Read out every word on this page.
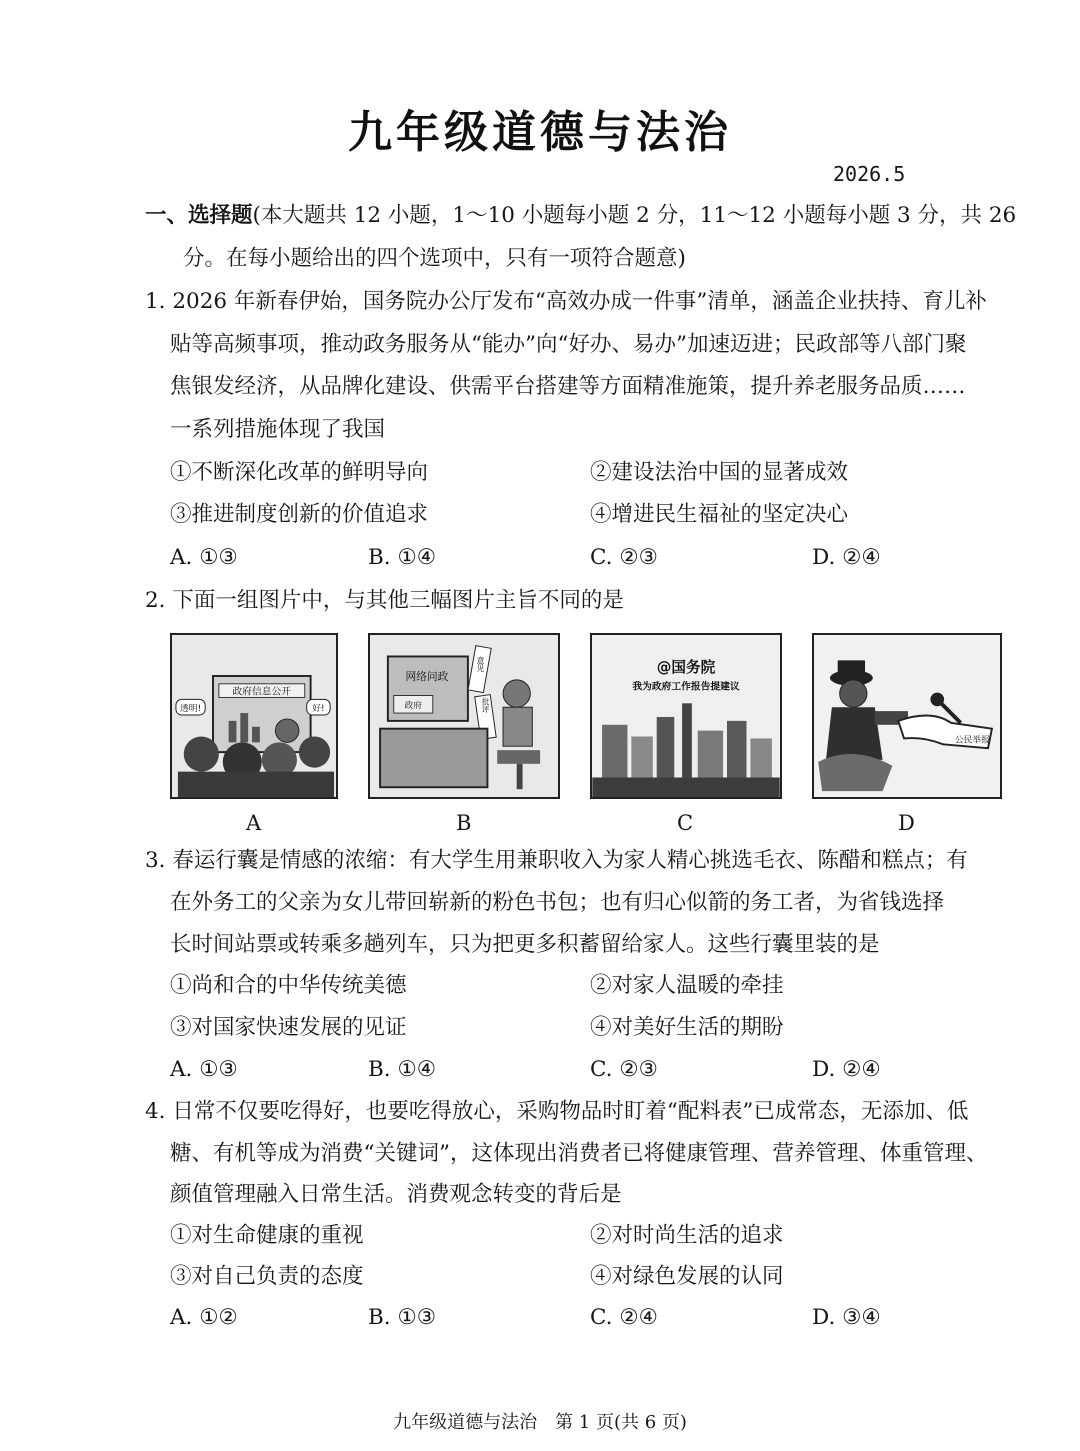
九年级道德与法治
2026.5
一、选择题(本大题共 12 小题，1～10 小题每小题 2 分，11～12 小题每小题 3 分，共 26
分。在每小题给出的四个选项中，只有一项符合题意)
1. 2026 年新春伊始，国务院办公厅发布“高效办成一件事”清单，涵盖企业扶持、育儿补
贴等高频事项，推动政务服务从“能办”向“好办、易办”加速迈进；民政部等八部门聚
焦银发经济，从品牌化建设、供需平台搭建等方面精准施策，提升养老服务品质……
一系列措施体现了我国
①不断深化改革的鲜明导向	②建设法治中国的显著成效
③推进制度创新的价值追求	④增进民生福祉的坚定决心
A. ①③	B. ①④	C. ②③	D. ②④
2. 下面一组图片中，与其他三幅图片主旨不同的是
政府信息公开
透明!	好!
A
网络问政
政府
意见
批评
B
@国务院
我为政府工作报告提建议
C
公民举报
D
3. 春运行囊是情感的浓缩：有大学生用兼职收入为家人精心挑选毛衣、陈醋和糕点；有
在外务工的父亲为女儿带回崭新的粉色书包；也有归心似箭的务工者，为省钱选择
长时间站票或转乘多趟列车，只为把更多积蓄留给家人。这些行囊里装的是
①尚和合的中华传统美德	②对家人温暖的牵挂
③对国家快速发展的见证	④对美好生活的期盼
A. ①③	B. ①④	C. ②③	D. ②④
4. 日常不仅要吃得好，也要吃得放心，采购物品时盯着“配料表”已成常态，无添加、低
糖、有机等成为消费“关键词”，这体现出消费者已将健康管理、营养管理、体重管理、
颜值管理融入日常生活。消费观念转变的背后是
①对生命健康的重视	②对时尚生活的追求
③对自己负责的态度	④对绿色发展的认同
A. ①②	B. ①③	C. ②④	D. ③④
九年级道德与法治　第 1 页(共 6 页)
